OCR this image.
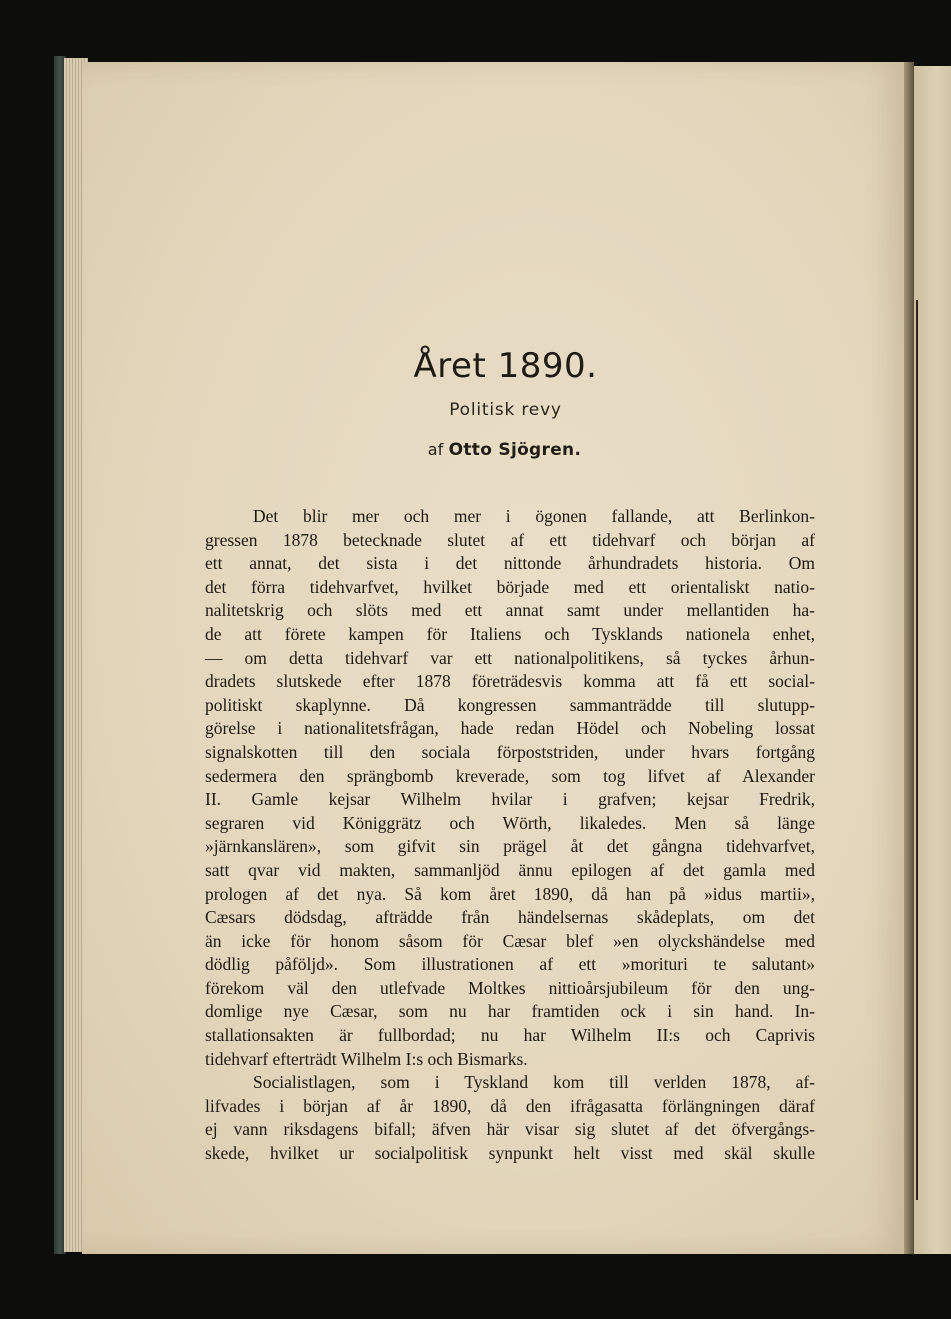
Året 1890.
Politisk revy
af Otto Sjögren.
Det blir mer och mer i ögonen fallande, att Berlinkon-
gressen 1878 betecknade slutet af ett tidehvarf och början af
ett annat, det sista i det nittonde århundradets historia. Om
det förra tidehvarfvet, hvilket började med ett orientaliskt natio-
nalitetskrig och slöts med ett annat samt under mellantiden ha-
de att förete kampen för Italiens och Tysklands nationela enhet,
— om detta tidehvarf var ett nationalpolitikens, så tyckes århun-
dradets slutskede efter 1878 företrädesvis komma att få ett social-
politiskt skaplynne. Då kongressen sammanträdde till slutupp-
görelse i nationalitetsfrågan, hade redan Hödel och Nobeling lossat
signalskotten till den sociala förpoststriden, under hvars fortgång
sedermera den sprängbomb kreverade, som tog lifvet af Alexander
II. Gamle kejsar Wilhelm hvilar i grafven; kejsar Fredrik,
segraren vid Königgrätz och Wörth, likaledes. Men så länge
»järnkanslären», som gifvit sin prägel åt det gångna tidehvarfvet,
satt qvar vid makten, sammanljöd ännu epilogen af det gamla med
prologen af det nya. Så kom året 1890, då han på »idus martii»,
Cæsars dödsdag, afträdde från händelsernas skådeplats, om det
än icke för honom såsom för Cæsar blef »en olyckshändelse med
dödlig påföljd». Som illustrationen af ett »morituri te salutant»
förekom väl den utlefvade Moltkes nittioårsjubileum för den ung-
domlige nye Cæsar, som nu har framtiden ock i sin hand. In-
stallationsakten är fullbordad; nu har Wilhelm II:s och Caprivis
tidehvarf efterträdt Wilhelm I:s och Bismarks.
Socialistlagen, som i Tyskland kom till verlden 1878, af-
lifvades i början af år 1890, då den ifrågasatta förlängningen däraf
ej vann riksdagens bifall; äfven här visar sig slutet af det öfvergångs-
skede, hvilket ur socialpolitisk synpunkt helt visst med skäl skulle
